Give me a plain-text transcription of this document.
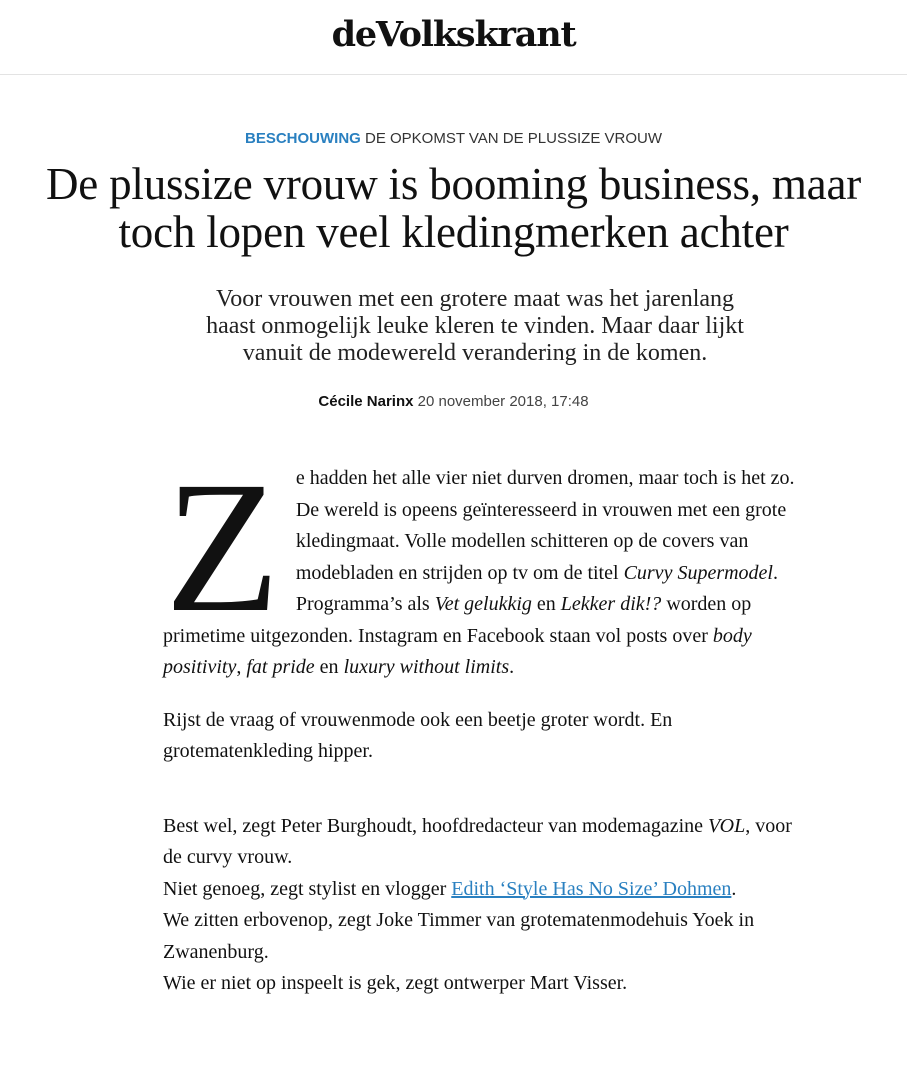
deVolkskrant
BESCHOUWING DE OPKOMST VAN DE PLUSSIZE VROUW
De plussize vrouw is booming business, maar
toch lopen veel kledingmerken achter

Voor vrouwen met een grotere maat was het jarenlang
haast onmogelijk leuke kleren te vinden. Maar daar lijkt
vanuit de modewereld verandering in de komen.

Cécile Narinx 20 november 2018, 17:48

Ze hadden het alle vier niet durven dromen, maar toch is het zo. De wereld is opeens geïnteresseerd in vrouwen met een grote kledingmaat. Volle modellen schitteren op de covers van modebladen en strijden op tv om de titel Curvy Supermodel. Programma’s als Vet gelukkig en Lekker dik!? worden op primetime uitgezonden. Instagram en Facebook staan vol posts over body positivity, fat pride en luxury without limits.

Rijst de vraag of vrouwenmode ook een beetje groter wordt. En grotematenkleding hipper.

Best wel, zegt Peter Burghoudt, hoofdredacteur van modemagazine VOL, voor de curvy vrouw.
Niet genoeg, zegt stylist en vlogger Edith ‘Style Has No Size’ Dohmen.
We zitten erbovenop, zegt Joke Timmer van grotematenmodehuis Yoek in Zwanenburg.
Wie er niet op inspeelt is gek, zegt ontwerper Mart Visser.
